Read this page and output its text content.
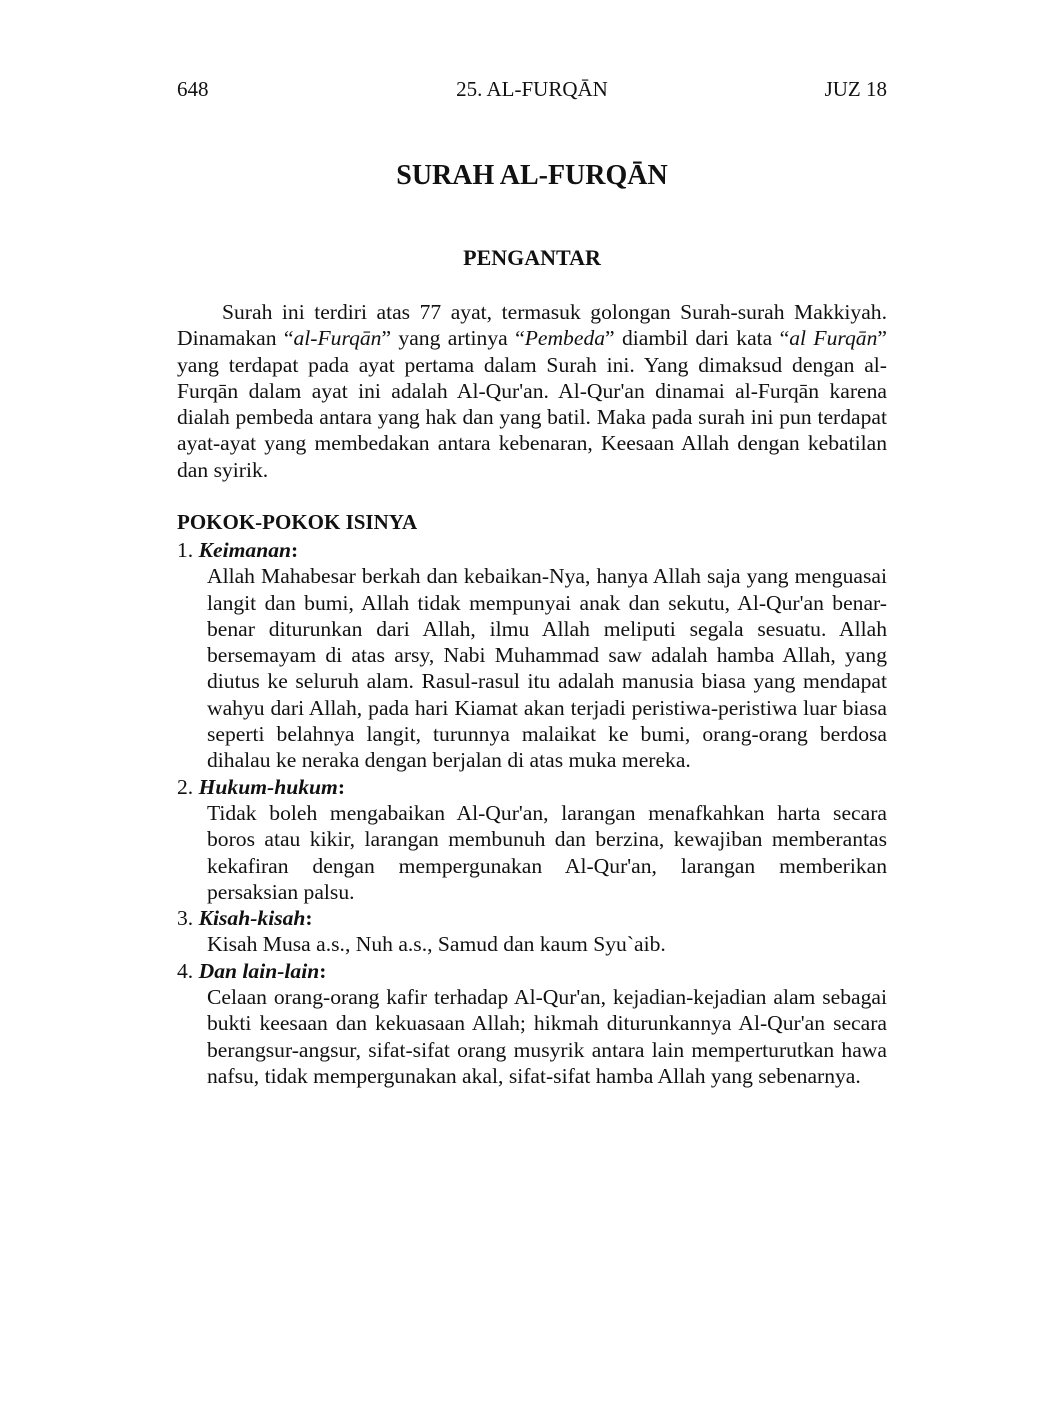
648	25. AL-FURQĀN	JUZ 18
SURAH AL-FURQĀN
PENGANTAR

Surah ini terdiri atas 77 ayat, termasuk golongan Surah-surah Makkiyah. Dinamakan “al-Furqān” yang artinya “Pembeda” diambil dari kata “al Furqān” yang terdapat pada ayat pertama dalam Surah ini. Yang dimaksud dengan al-Furqān dalam ayat ini adalah Al-Qur'an. Al-Qur'an dinamai al-Furqān karena dialah pembeda antara yang hak dan yang batil. Maka pada surah ini pun terdapat ayat-ayat yang membedakan antara kebenaran, Keesaan Allah dengan kebatilan dan syirik.

POKOK-POKOK ISINYA

1. Keimanan:

Allah Mahabesar berkah dan kebaikan-Nya, hanya Allah saja yang menguasai langit dan bumi, Allah tidak mempunyai anak dan sekutu, Al-Qur'an benar-benar diturunkan dari Allah, ilmu Allah meliputi segala sesuatu. Allah bersemayam di atas arsy, Nabi Muhammad saw adalah hamba Allah, yang diutus ke seluruh alam. Rasul-rasul itu adalah manusia biasa yang mendapat wahyu dari Allah, pada hari Kiamat akan terjadi peristiwa-peristiwa luar biasa seperti belahnya langit, turunnya malaikat ke bumi, orang-orang berdosa dihalau ke neraka dengan berjalan di atas muka mereka.

2. Hukum-hukum:

Tidak boleh mengabaikan Al-Qur'an, larangan menafkahkan harta secara boros atau kikir, larangan membunuh dan berzina, kewajiban memberantas kekafiran dengan mempergunakan Al-Qur'an, larangan memberikan persaksian palsu.

3. Kisah-kisah:

Kisah Musa a.s., Nuh a.s., Samud dan kaum Syu`aib.

4. Dan lain-lain:

Celaan orang-orang kafir terhadap Al-Qur'an, kejadian-kejadian alam sebagai bukti keesaan dan kekuasaan Allah; hikmah diturunkannya Al-Qur'an secara berangsur-angsur, sifat-sifat orang musyrik antara lain memperturutkan hawa nafsu, tidak mempergunakan akal, sifat-sifat hamba Allah yang sebenarnya.
